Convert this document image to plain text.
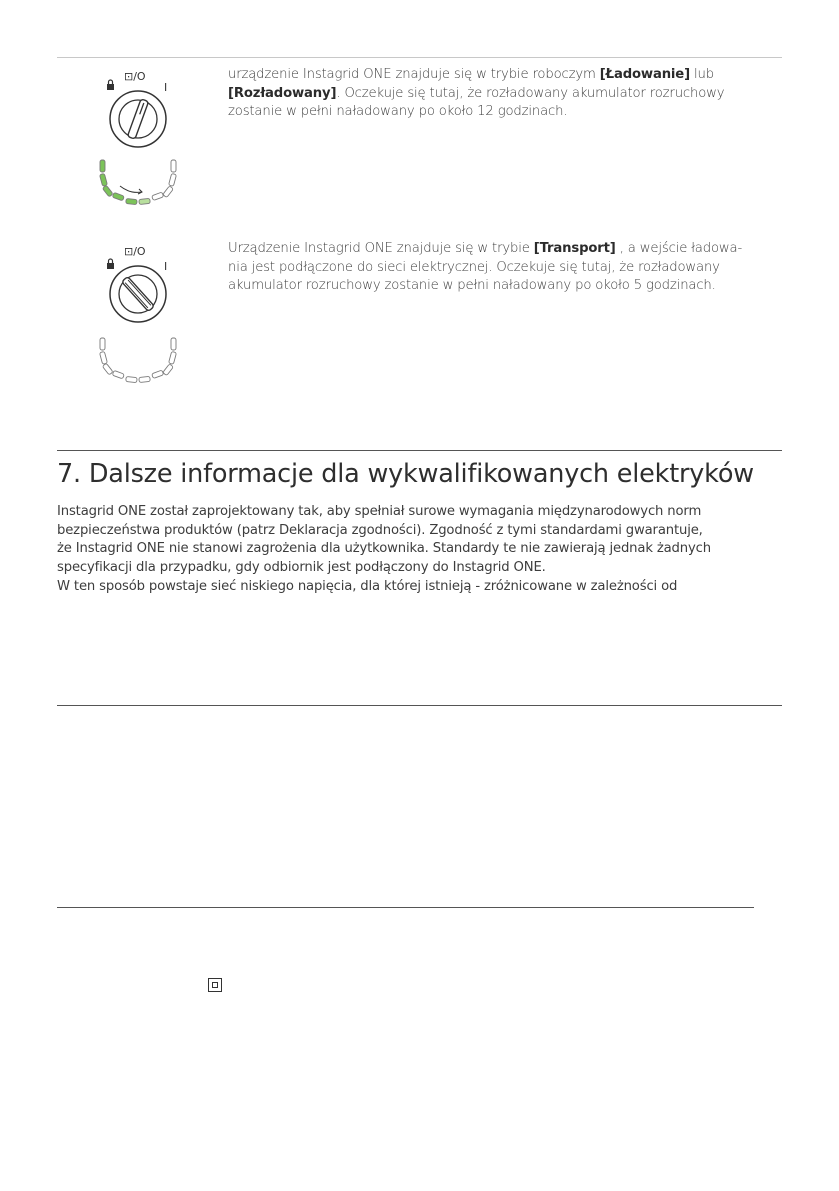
⊡/O
I
urządzenie Instagrid ONE znajduje się w trybie roboczym [Ładowanie] lub
[Rozładowany]. Oczekuje się tutaj, że rozładowany akumulator rozruchowy
zostanie w pełni naładowany po około 12 godzinach.
⊡/O
I
Urządzenie Instagrid ONE znajduje się w trybie [Transport] , a wejście ładowa-
nia jest podłączone do sieci elektrycznej. Oczekuje się tutaj, że rozładowany
akumulator rozruchowy zostanie w pełni naładowany po około 5 godzinach.
7. Dalsze informacje dla wykwalifikowanych elektryków
Instagrid ONE został zaprojektowany tak, aby spełniał surowe wymagania międzynarodowych norm
bezpieczeństwa produktów (patrz Deklaracja zgodności). Zgodność z tymi standardami gwarantuje,
że Instagrid ONE nie stanowi zagrożenia dla użytkownika. Standardy te nie zawierają jednak żadnych
specyfikacji dla przypadku, gdy odbiornik jest podłączony do Instagrid ONE.
W ten sposób powstaje sieć niskiego napięcia, dla której istnieją - zróżnicowane w zależności od
